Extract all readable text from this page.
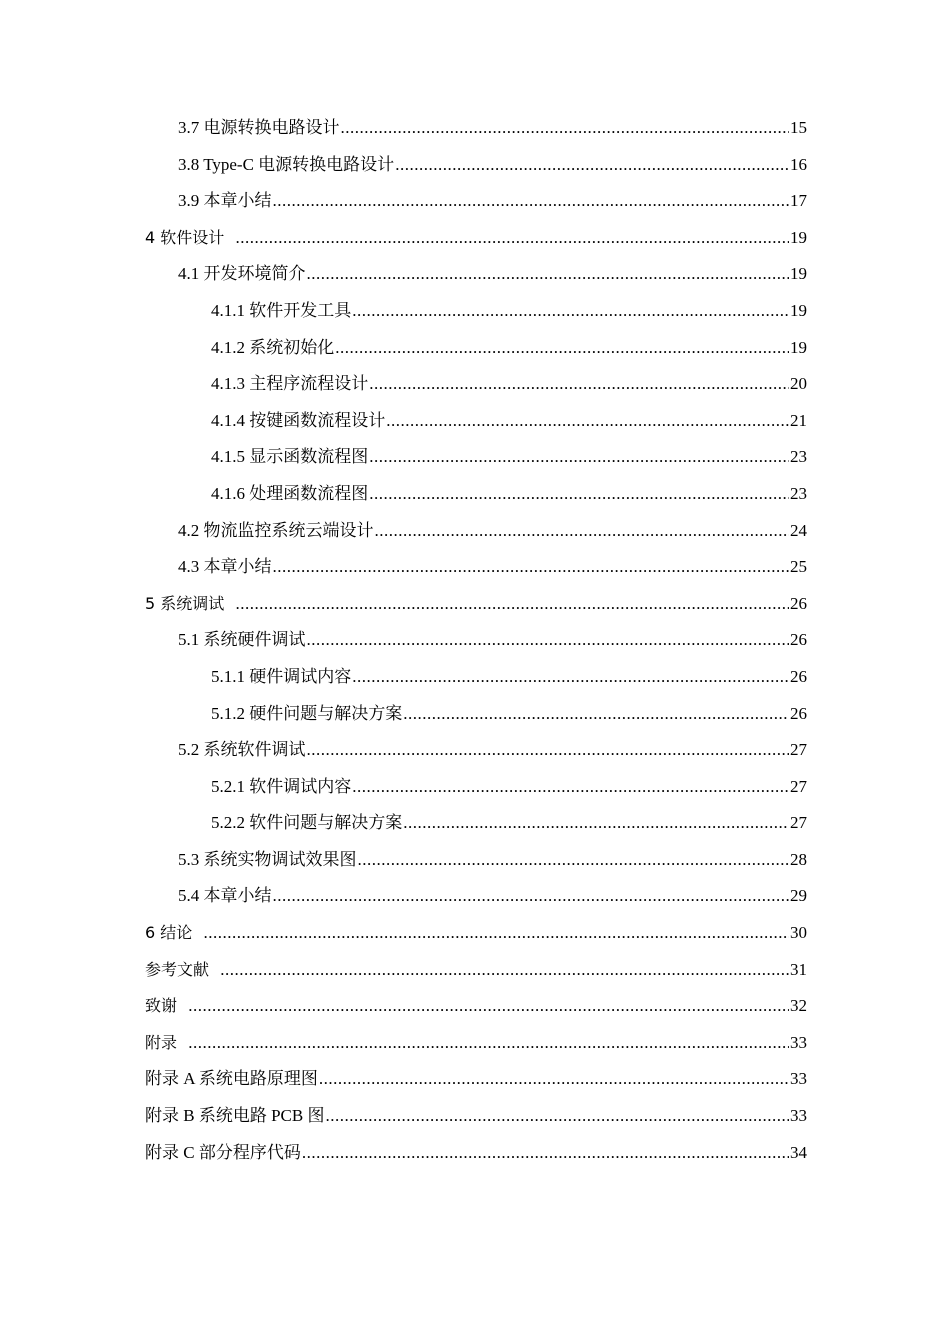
3.7 电源转换电路设计 .....	15
3.8 Type-C 电源转换电路设计 .....	16
3.9 本章小结 .....	17
4 软件设计 .....	19
4.1 开发环境简介 .....	19
4.1.1 软件开发工具 .....	19
4.1.2 系统初始化 .....	19
4.1.3 主程序流程设计 .....	20
4.1.4 按键函数流程设计 .....	21
4.1.5 显示函数流程图 .....	23
4.1.6 处理函数流程图 .....	23
4.2 物流监控系统云端设计 .....	24
4.3 本章小结 .....	25
5 系统调试 .....	26
5.1 系统硬件调试 .....	26
5.1.1 硬件调试内容 .....	26
5.1.2 硬件问题与解决方案 .....	26
5.2 系统软件调试 .....	27
5.2.1 软件调试内容 .....	27
5.2.2 软件问题与解决方案 .....	27
5.3 系统实物调试效果图 .....	28
5.4 本章小结 .....	29
6 结论 .....	30
参考文献 .....	31
致谢 .....	32
附录 .....	33
附录 A 系统电路原理图 .....	33
附录 B 系统电路 PCB 图 .....	33
附录 C 部分程序代码 .....	34
